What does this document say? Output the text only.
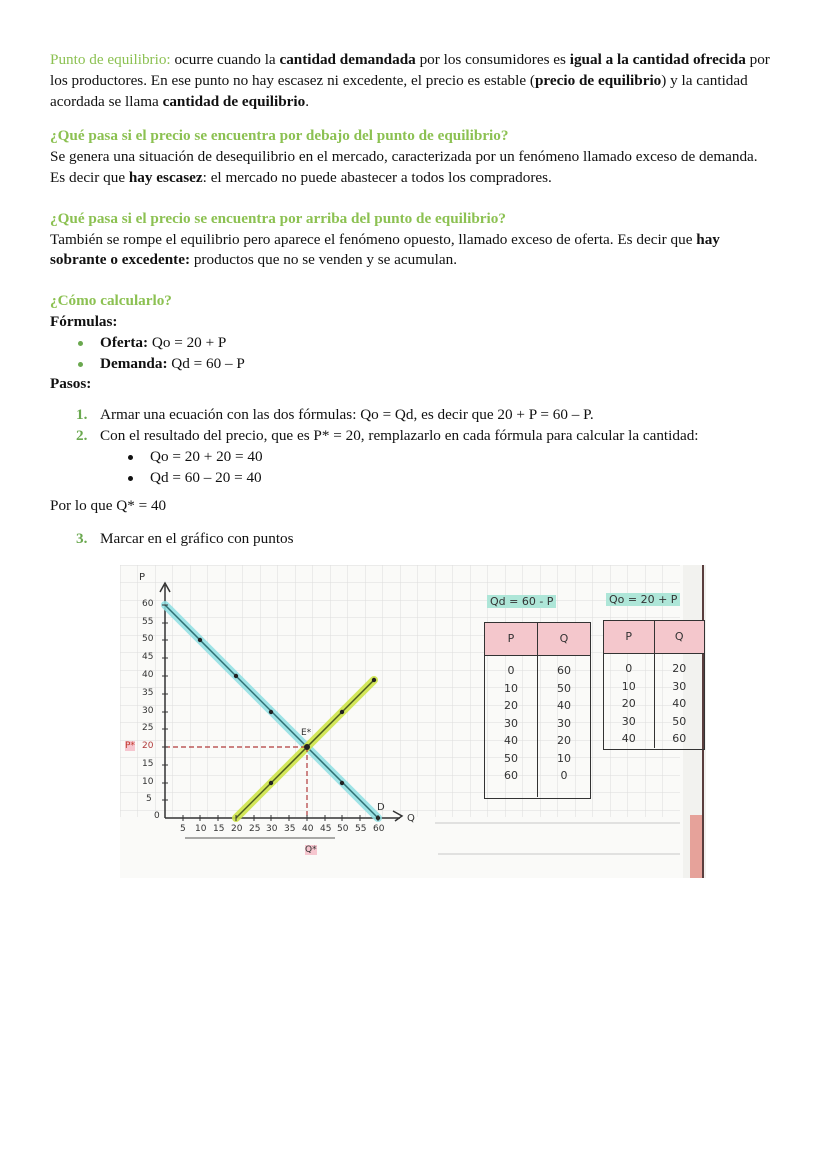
Punto de equilibrio: ocurre cuando la cantidad demandada por los consumidores es igual a la cantidad ofrecida por los productores. En ese punto no hay escasez ni excedente, el precio es estable (precio de equilibrio) y la cantidad acordada se llama cantidad de equilibrio.

¿Qué pasa si el precio se encuentra por debajo del punto de equilibrio?

Se genera una situación de desequilibrio en el mercado, caracterizada por un fenómeno llamado exceso de demanda. Es decir que hay escasez: el mercado no puede abastecer a todos los compradores.

¿Qué pasa si el precio se encuentra por arriba del punto de equilibrio?

También se rompe el equilibrio pero aparece el fenómeno opuesto, llamado exceso de oferta. Es decir que hay sobrante o excedente: productos que no se venden y se acumulan.

¿Cómo calcularlo?

Fórmulas:

Oferta: Qo = 20 + P
Demanda: Qd = 60 – P

Pasos:

1. Armar una ecuación con las dos fórmulas: Qo = Qd, es decir que 20 + P = 60 – P.
2. Con el resultado del precio, que es P* = 20, remplazarlo en cada fórmula para calcular la cantidad:
Qo = 20 + 20 = 40
Qd = 60 – 20 = 40

Por lo que Q* = 40

3. Marcar en el gráfico con puntos
P
Q
0
5
10
15
20
25
30
35
40
45
50
55
60
5 10 15 20 25 30 35 40 45 50 55 60
P*
Q*
E*
D
Qd = 60 - P
P	Q
0
10
20
30
40
50
60
60
50
40
30
20
10
0
Qo = 20 + P
P	Q
0
10
20
30
40
20
30
40
50
60
